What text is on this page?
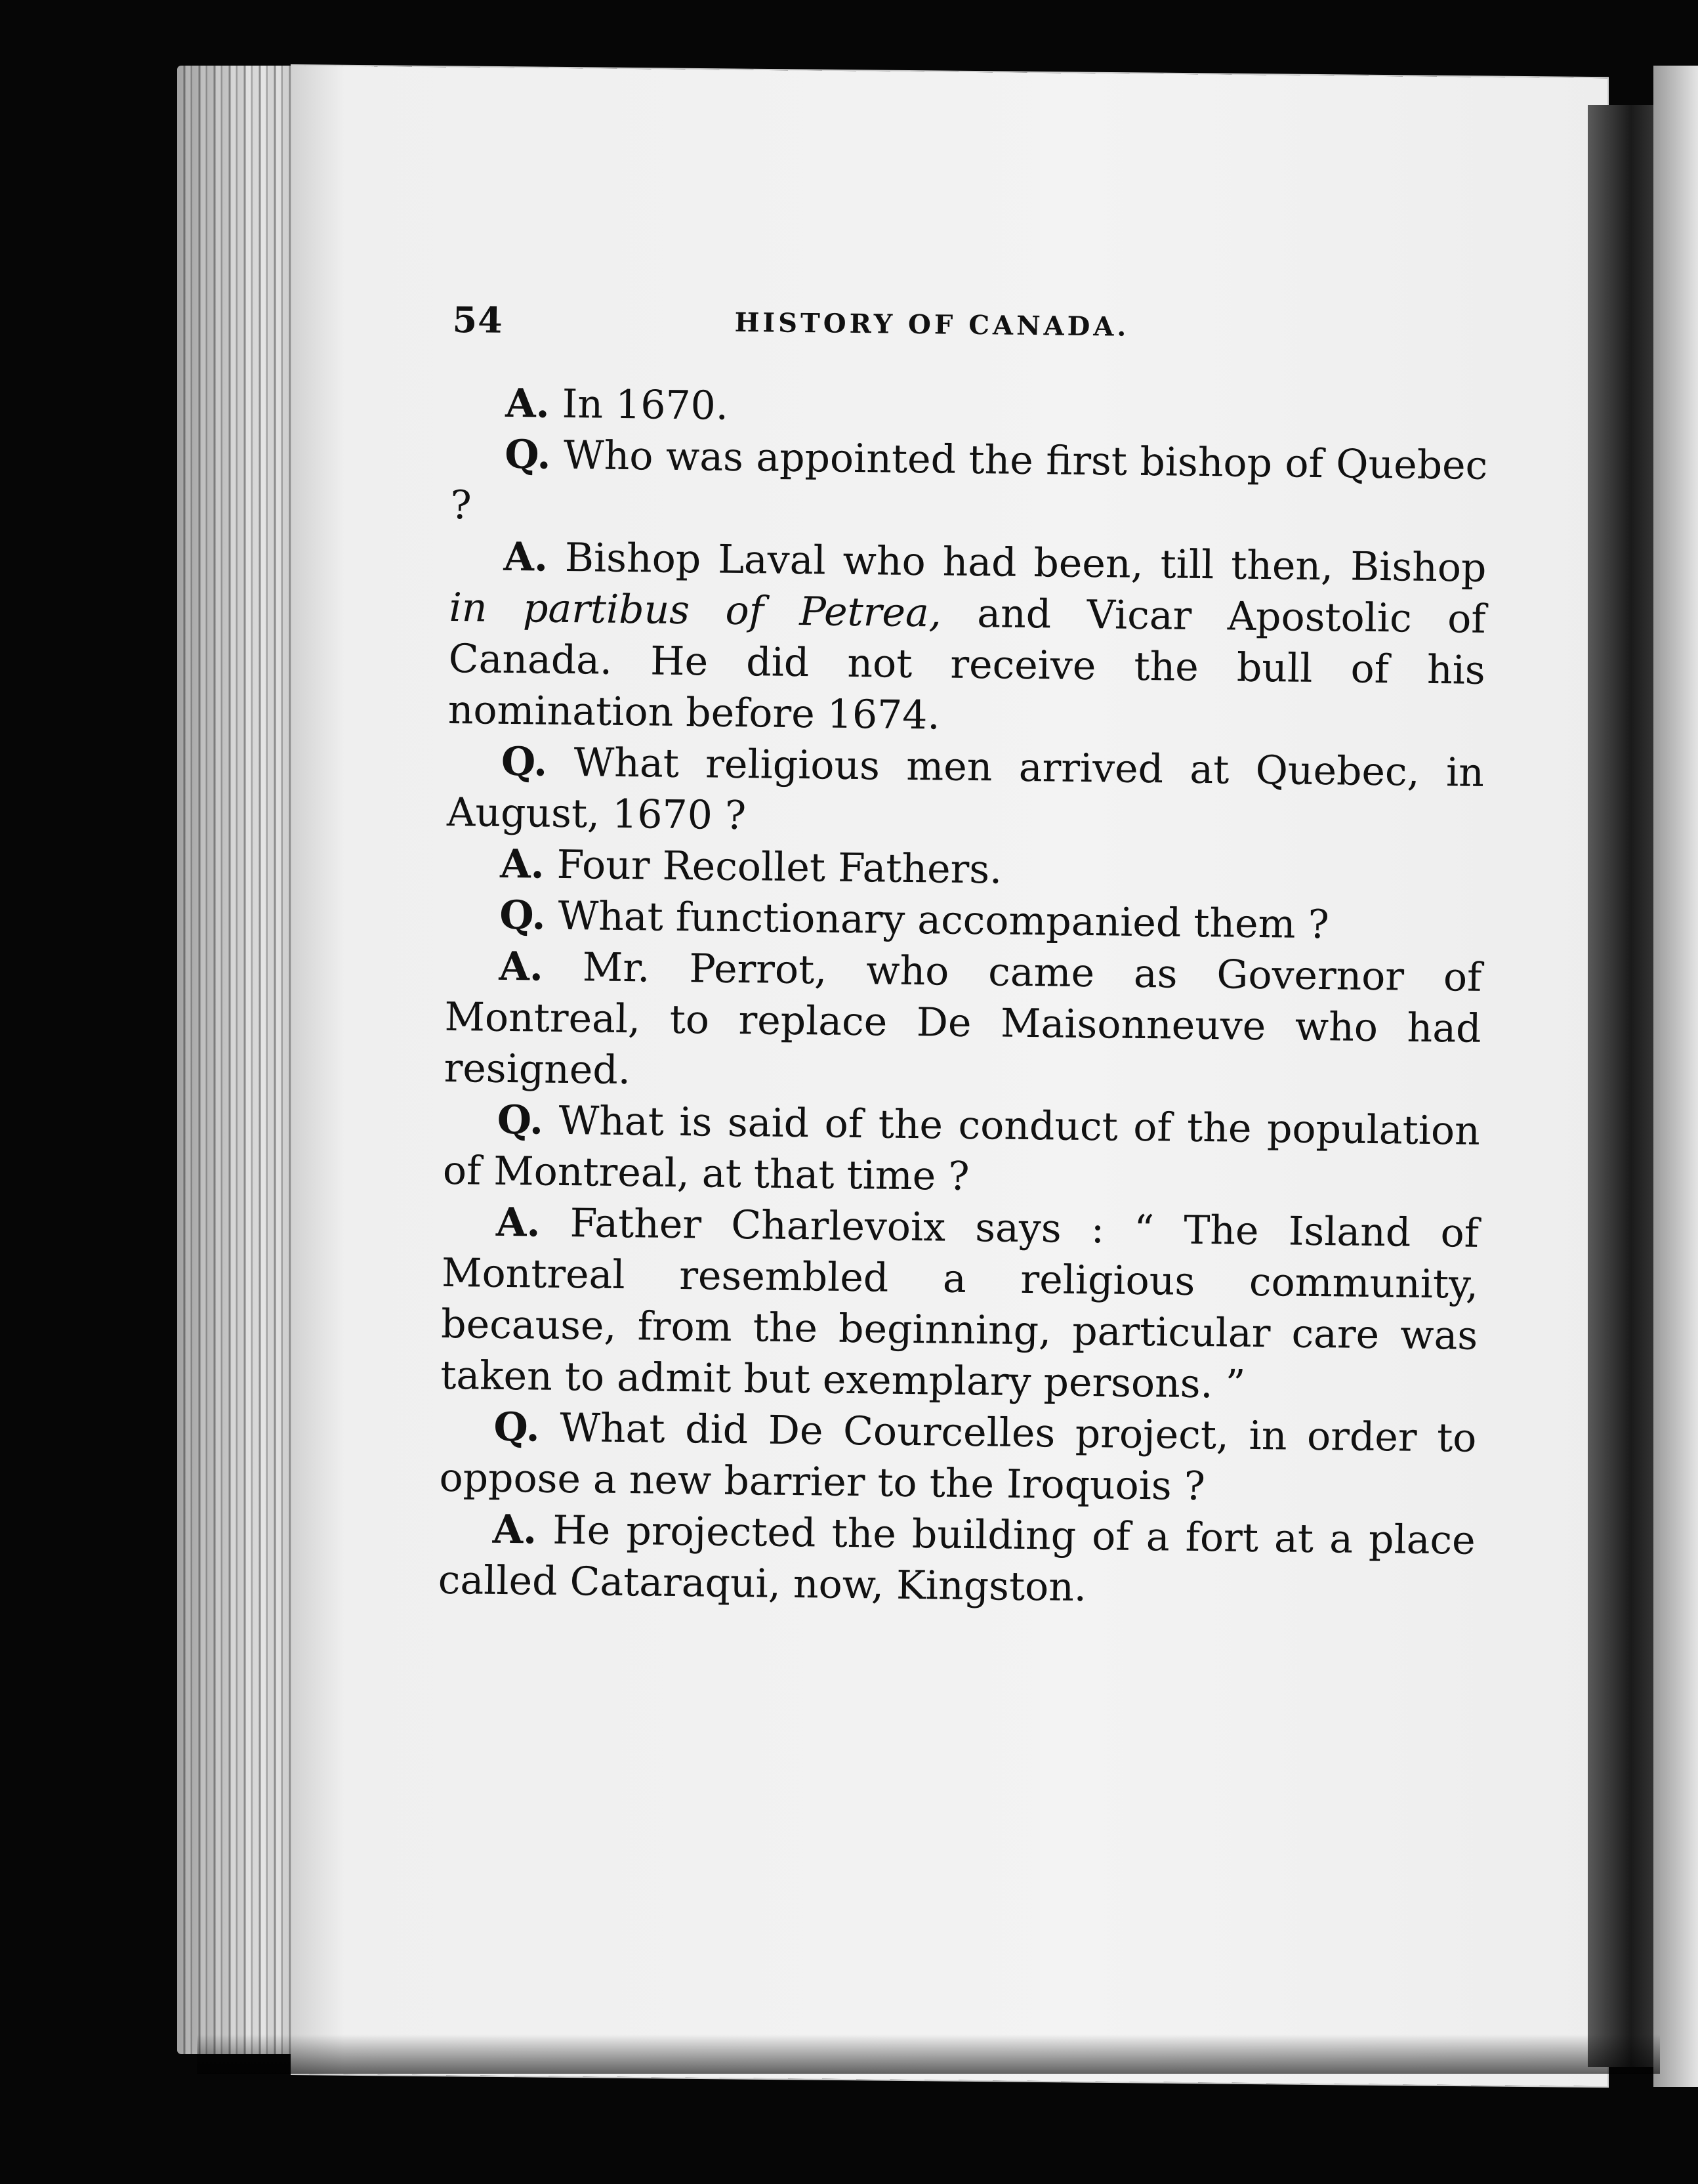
54	HISTORY OF CANADA.

A. In 1670.

Q. Who was appointed the first bishop of Quebec ?

A. Bishop Laval who had been, till then, Bishop in partibus of Petrea, and Vicar Apostolic of Canada. He did not receive the bull of his nomination before 1674.

Q. What religious men arrived at Quebec, in August, 1670 ?

A. Four Recollet Fathers.

Q. What functionary accompanied them ?

A. Mr. Perrot, who came as Governor of Montreal, to replace De Maisonneuve who had resigned.

Q. What is said of the conduct of the population of Montreal, at that time ?

A. Father Charlevoix says : “ The Island of Montreal resembled a religious community, because, from the beginning, particular care was taken to admit but exemplary persons. ”

Q. What did De Courcelles project, in order to oppose a new barrier to the Iroquois ?

A. He projected the building of a fort at a place called Cataraqui, now, Kingston.
